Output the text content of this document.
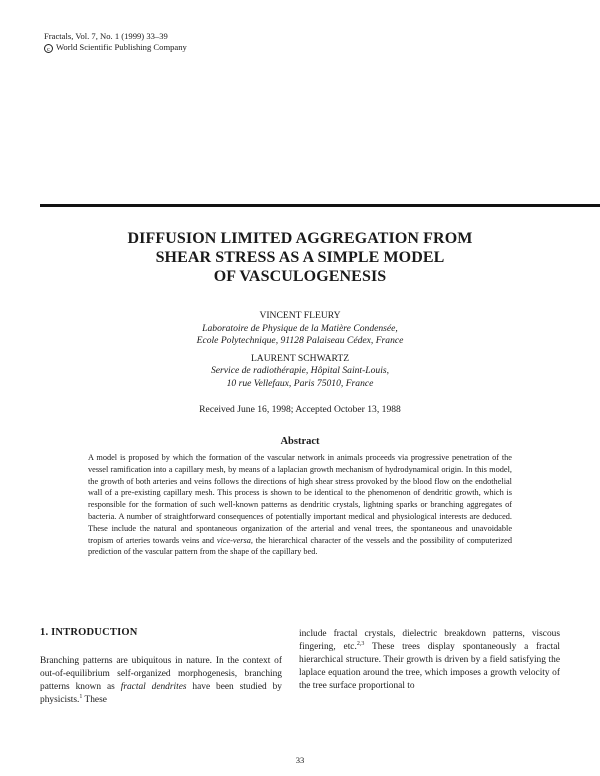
Fractals, Vol. 7, No. 1 (1999) 33–39
c World Scientific Publishing Company
DIFFUSION LIMITED AGGREGATION FROM
SHEAR STRESS AS A SIMPLE MODEL
OF VASCULOGENESIS
VINCENT FLEURY
Laboratoire de Physique de la Matière Condensée,
Ecole Polytechnique, 91128 Palaiseau Cédex, France
LAURENT SCHWARTZ
Service de radiothérapie, Hôpital Saint-Louis,
10 rue Vellefaux, Paris 75010, France
Received June 16, 1998; Accepted October 13, 1988
Abstract
A model is proposed by which the formation of the vascular network in animals proceeds via progressive penetration of the vessel ramification into a capillary mesh, by means of a laplacian growth mechanism of hydrodynamical origin. In this model, the growth of both arteries and veins follows the directions of high shear stress provoked by the blood flow on the endothelial wall of a pre-existing capillary mesh. This process is shown to be identical to the phenomenon of dendritic growth, which is responsible for the formation of such well-known patterns as dendritic crystals, lightning sparks or branching aggregates of bacteria. A number of straightforward consequences of potentially important medical and physiological interests are deduced. These include the natural and spontaneous organization of the arterial and venal trees, the spontaneous and unavoidable tropism of arteries towards veins and vice-versa, the hierarchical character of the vessels and the possibility of computerized prediction of the vascular pattern from the shape of the capillary bed.
1. INTRODUCTION
Branching patterns are ubiquitous in nature. In the context of out-of-equilibrium self-organized morphogenesis, branching patterns known as fractal dendrites have been studied by physicists.$^1$ These
include fractal crystals, dielectric breakdown patterns, viscous fingering, etc.$^{2,3}$ These trees display spontaneously a fractal hierarchical structure. Their growth is driven by a field satisfying the laplace equation around the tree, which imposes a growth velocity of the tree surface proportional to
33
